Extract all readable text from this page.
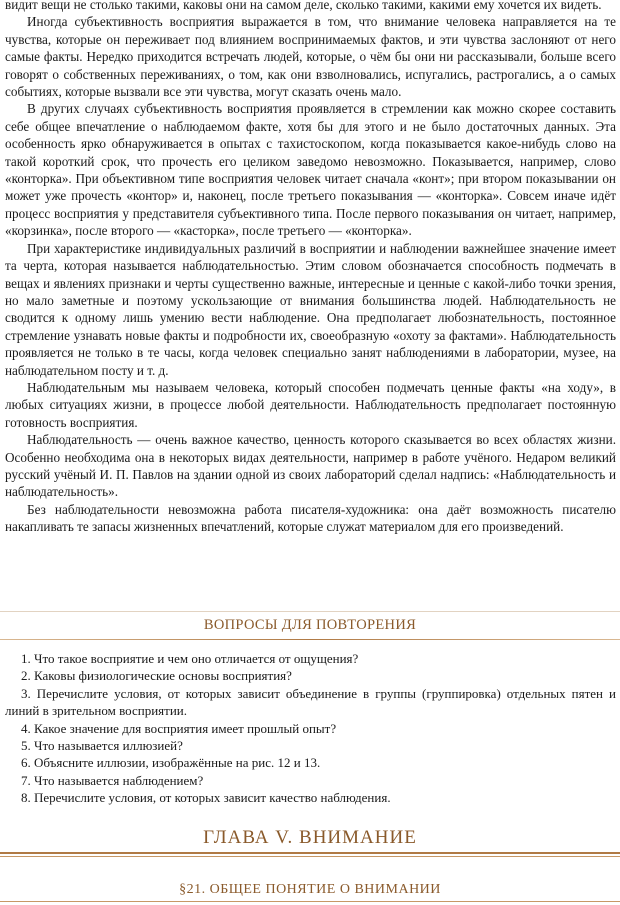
видит вещи не столько такими, каковы они на самом деле, сколько такими, какими ему хочется их видеть.

Иногда субъективность восприятия выражается в том, что внимание человека направляется на те чувства, которые он переживает под влиянием воспринимаемых фактов, и эти чувства заслоняют от него самые факты. Нередко приходится встречать людей, которые, о чём бы они ни рассказывали, больше всего говорят о собственных переживаниях, о том, как они взволновались, испугались, растрогались, а о самых событиях, которые вызвали все эти чувства, могут сказать очень мало.

В других случаях субъективность восприятия проявляется в стремлении как можно скорее составить себе общее впечатление о наблюдаемом факте, хотя бы для этого и не было достаточных данных. Эта особенность ярко обнаруживается в опытах с тахистоскопом, когда показывается какое-нибудь слово на такой короткий срок, что прочесть его целиком заведомо невозможно. Показывается, например, слово «конторка». При объективном типе восприятия человек читает сначала «конт»; при втором показывании он может уже прочесть «контор» и, наконец, после третьего показывания — «конторка». Совсем иначе идёт процесс восприятия у представителя субъективного типа. После первого показывания он читает, например, «корзинка», после второго — «касторка», после третьего — «конторка».

При характеристике индивидуальных различий в восприятии и наблюдении важнейшее значение имеет та черта, которая называется наблюдательностью. Этим словом обозначается способность подмечать в вещах и явлениях признаки и черты существенно важные, интересные и ценные с какой-либо точки зрения, но мало заметные и поэтому ускользающие от внимания большинства людей. Наблюдательность не сводится к одному лишь умению вести наблюдение. Она предполагает любознательность, постоянное стремление узнавать новые факты и подробности их, своеобразную «охоту за фактами». Наблюдательность проявляется не только в те часы, когда человек специально занят наблюдениями в лаборатории, музее, на наблюдательном посту и т. д.

Наблюдательным мы называем человека, который способен подмечать ценные факты «на ходу», в любых ситуациях жизни, в процессе любой деятельности. Наблюдательность предполагает постоянную готовность восприятия.

Наблюдательность — очень важное качество, ценность которого сказывается во всех областях жизни. Особенно необходима она в некоторых видах деятельности, например в работе учёного. Недаром великий русский учёный И. П. Павлов на здании одной из своих лабораторий сделал надпись: «Наблюдательность и наблюдательность».

Без наблюдательности невозможна работа писателя-художника: она даёт возможность писателю накапливать те запасы жизненных впечатлений, которые служат материалом для его произведений.

ВОПРОСЫ ДЛЯ ПОВТОРЕНИЯ
1. Что такое восприятие и чем оно отличается от ощущения?
2. Каковы физиологические основы восприятия?
3. Перечислите условия, от которых зависит объединение в группы (группировка) отдельных пятен и линий в зрительном восприятии.
4. Какое значение для восприятия имеет прошлый опыт?
5. Что называется иллюзией?
6. Объясните иллюзии, изображённые на рис. 12 и 13.
7. Что называется наблюдением?
8. Перечислите условия, от которых зависит качество наблюдения.
ГЛАВА V. ВНИМАНИЕ
§21. ОБЩЕЕ ПОНЯТИЕ О ВНИМАНИИ
